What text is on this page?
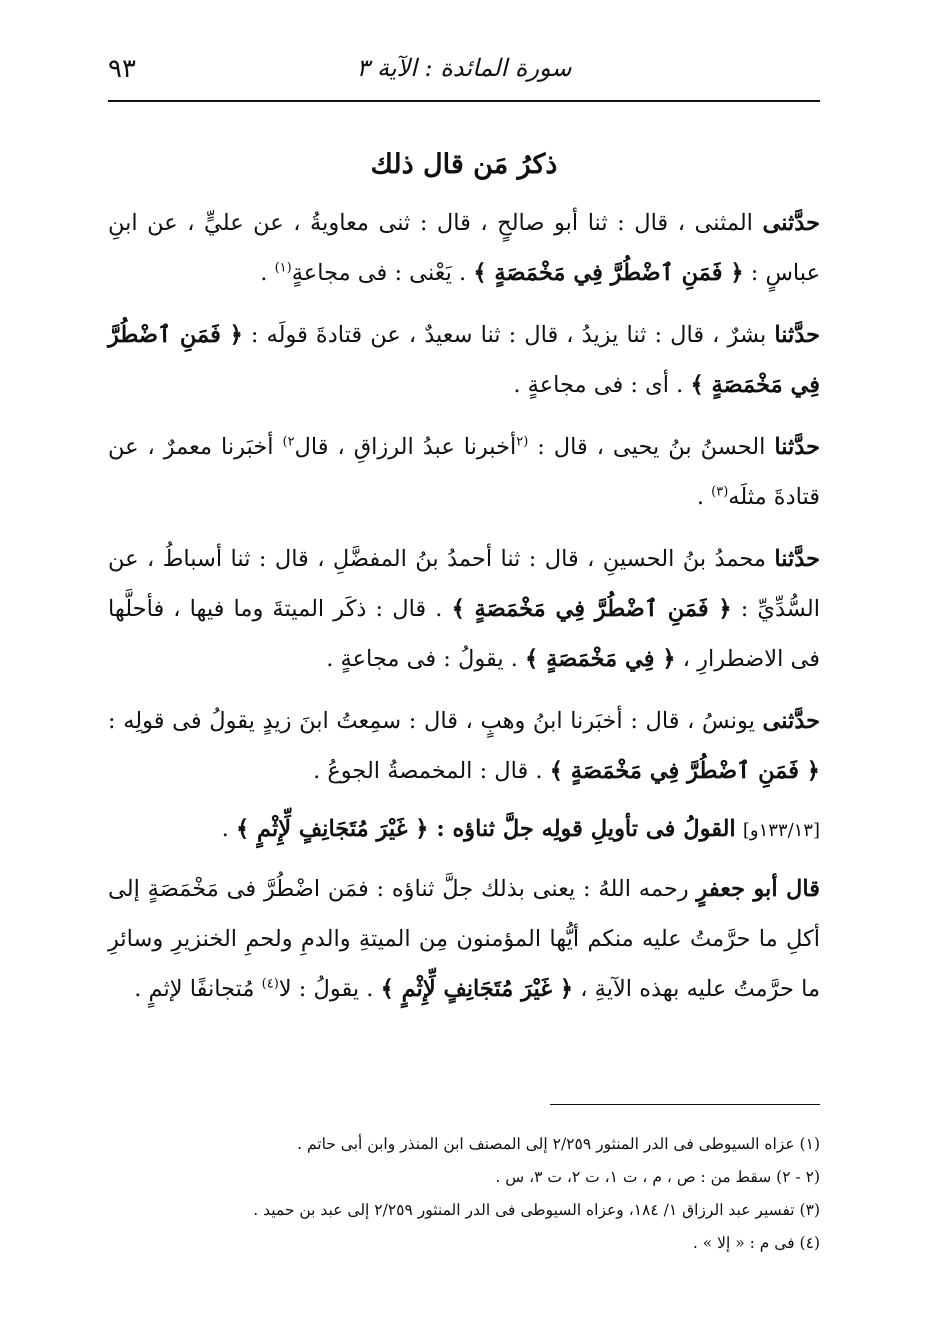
سورة المائدة : الآية ٣
٩٣
ذكرُ مَن قال ذلك

حدَّثنى المثنى ، قال : ثنا أبو صالحٍ ، قال : ثنى معاويةُ ، عن عليٍّ ، عن ابنِ عباسٍ : ﴿ فَمَنِ ٱضْطُرَّ فِي مَخْمَصَةٍ ﴾ . يَعْنى : فى مجاعةٍ$^{(١)}$ .

حدَّثنا بشرٌ ، قال : ثنا يزيدُ ، قال : ثنا سعيدٌ ، عن قتادةَ قولَه : ﴿ فَمَنِ ٱضْطُرَّ فِي مَخْمَصَةٍ ﴾ . أى : فى مجاعةٍ .

حدَّثنا الحسنُ بنُ يحيى ، قال : $^{(٢}$أخبرنا عبدُ الرزاقِ ، قال$^{٢)}$ أخبَرنا معمرٌ ، عن قتادةَ مثلَه$^{(٣)}$ .

حدَّثنا محمدُ بنُ الحسينِ ، قال : ثنا أحمدُ بنُ المفضَّلِ ، قال : ثنا أسباطُ ، عن السُّدِّيِّ : ﴿ فَمَنِ ٱضْطُرَّ فِي مَخْمَصَةٍ ﴾ . قال : ذكَر الميتةَ وما فيها ، فأحلَّها فى الاضطرارِ ، ﴿ فِي مَخْمَصَةٍ ﴾ . يقولُ : فى مجاعةٍ .

حدَّثنى يونسُ ، قال : أخبَرنا ابنُ وهبٍ ، قال : سمِعتُ ابنَ زيدٍ يقولُ فى قولِه : ﴿ فَمَنِ ٱضْطُرَّ فِي مَخْمَصَةٍ ﴾ . قال : المخمصةُ الجوعُ .

[١٣٣/١٣و] القولُ فى تأويلِ قولِه جلَّ ثناؤه : ﴿ غَيْرَ مُتَجَانِفٍ لِّإِثْمٍ ﴾ .

قال أبو جعفرٍ رحمه اللهُ : يعنى بذلك جلَّ ثناؤه : فمَن اضْطُرَّ فى مَخْمَصَةٍ إلى أكلِ ما حرَّمتُ عليه منكم أيُّها المؤمنون مِن الميتةِ والدمِ ولحمِ الخنزيرِ وسائرِ ما حرَّمتُ عليه بهذه الآيةِ ، ﴿ غَيْرَ مُتَجَانِفٍ لِّإِثْمٍ ﴾ . يقولُ : لا$^{(٤)}$ مُتجانفًا لإثمٍ .

(١) عزاه السيوطى فى الدر المنثور ٢/٢٥٩ إلى المصنف ابن المنذر وابن أبى حاتم .

(٢ - ٢) سقط من : ص ، م ، ت ١، ت ٢، ت ٣، س .

(٣) تفسير عبد الرزاق ١/ ١٨٤، وعزاه السيوطى فى الدر المنثور ٢/٢٥٩ إلى عبد بن حميد .

(٤) فى م : « إلا » .
